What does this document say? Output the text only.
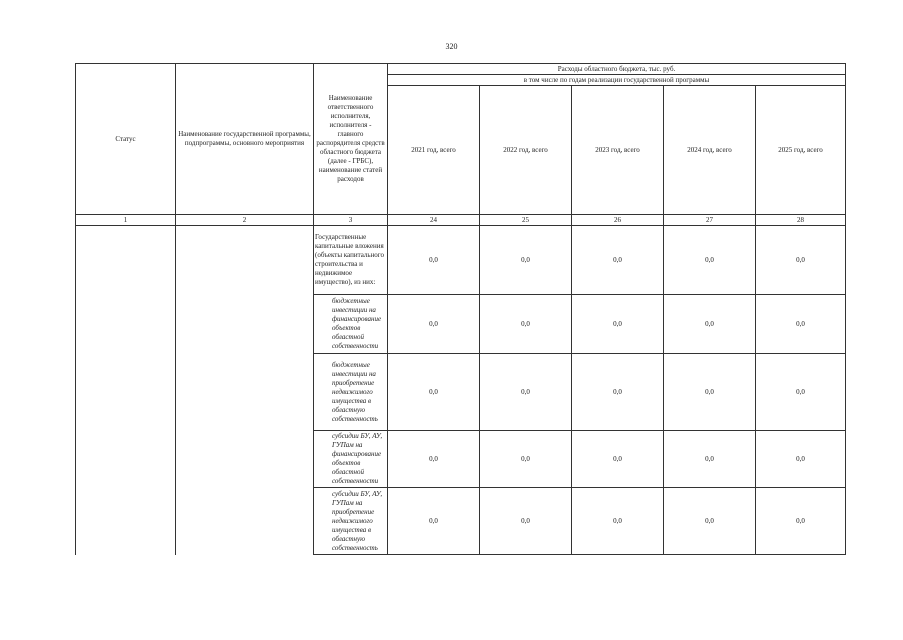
320
Статус	Наименование государственной программы, подпрограммы, основного мероприятия	Наименование ответственного исполнителя, исполнителя - главного распорядителя средств областного бюджета (далее - ГРБС), наименование статей расходов	Расходы областного бюджета, тыс. руб.				
			в том числе по годам реализации государственной программы				
			2021 год, всего	2022 год, всего	2023 год, всего	2024 год, всего	2025 год, всего
1	2	3	24	25	26	27	28
		Государственные капитальные вложения (объекты капитального строительства и недвижимое имущество), из них:	0,0	0,0	0,0	0,0	0,0
		бюджетные инвестиции на финансирование объектов областной собственности	0,0	0,0	0,0	0,0	0,0
		бюджетные инвестиции на приобретение недвижимого имущества в областную собственность	0,0	0,0	0,0	0,0	0,0
		субсидии БУ, АУ, ГУПам на финансирование объектов областной собственности	0,0	0,0	0,0	0,0	0,0
		субсидии БУ, АУ, ГУПам на приобретение недвижимого имущества в областную собственность	0,0	0,0	0,0	0,0	0,0
